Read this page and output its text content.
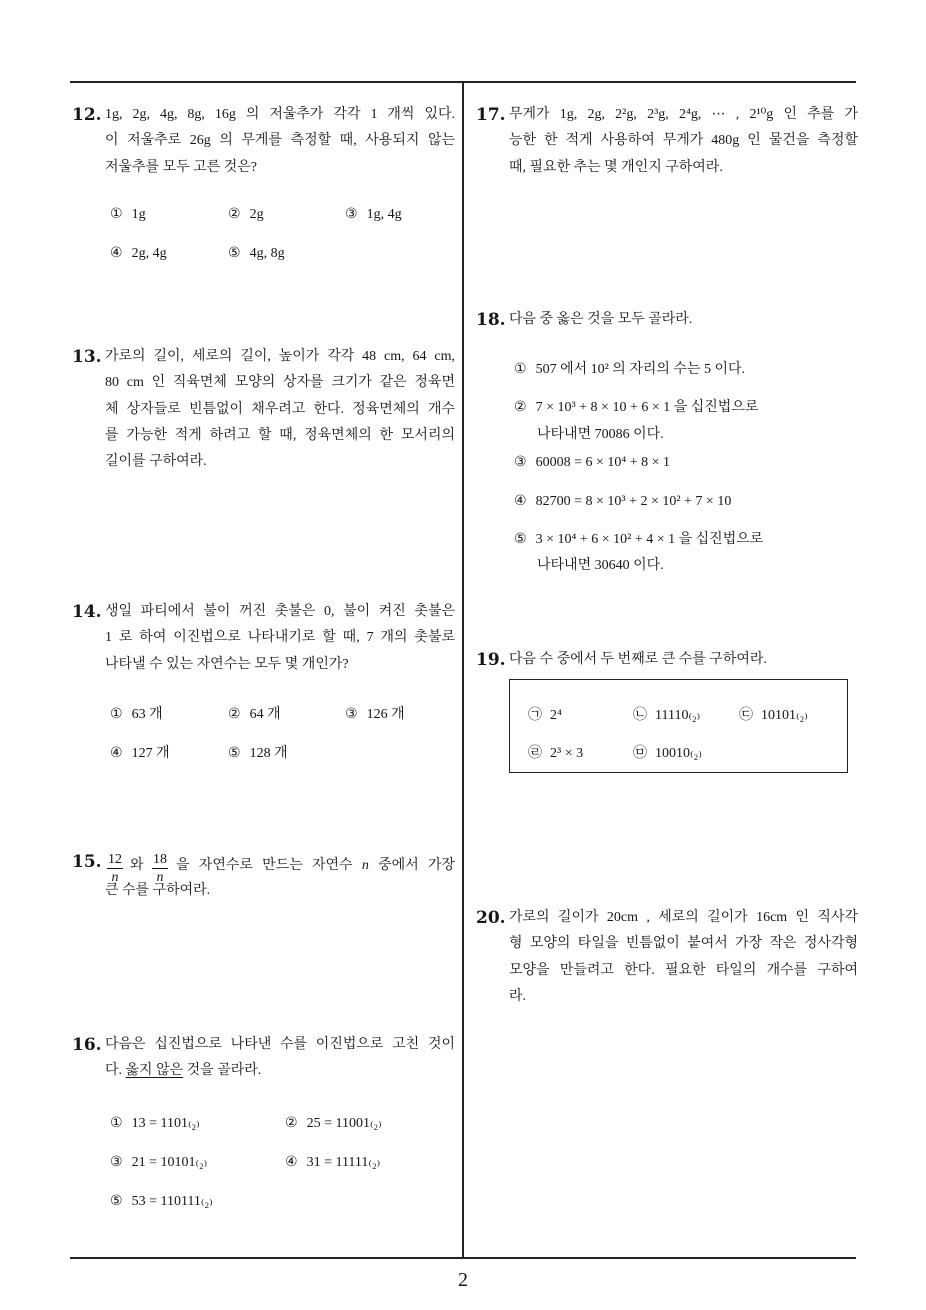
12. 1g, 2g, 4g, 8g, 16g 의 저울추가 각각 1 개씩 있다.
이 저울추로 26g 의 무게를 측정할 때, 사용되지 않는
저울추를 모두 고른 것은?
① 1g	② 2g	③ 1g, 4g
④ 2g, 4g	⑤ 4g, 8g
13. 가로의 길이, 세로의 길이, 높이가 각각 48 cm, 64 cm,
80 cm 인 직육면체 모양의 상자를 크기가 같은 정육면
체 상자들로 빈틈없이 채우려고 한다. 정육면체의 개수
를 가능한 적게 하려고 할 때, 정육면체의 한 모서리의
길이를 구하여라.
14. 생일 파티에서 불이 꺼진 촛불은 0, 불이 켜진 촛불은
1 로 하여 이진법으로 나타내기로 할 때, 7 개의 촛불로
나타낼 수 있는 자연수는 모두 몇 개인가?
① 63 개	② 64 개	③ 126 개
④ 127 개	⑤ 128 개
15. $\frac{12}{n}$ 와 $\frac{18}{n}$ 을 자연수로 만드는 자연수 n 중에서 가장
큰 수를 구하여라.
16. 다음은 십진법으로 나타낸 수를 이진법으로 고친 것이
다. 옳지 않은 것을 골라라.
① 13 = 1101₍₂₎	② 25 = 11001₍₂₎
③ 21 = 10101₍₂₎	④ 31 = 11111₍₂₎
⑤ 53 = 110111₍₂₎
17. 무게가 1g, 2g, 2²g, 2³g, 2⁴g, ⋯ , 2¹⁰g 인 추를 가
능한 한 적게 사용하여 무게가 480g 인 물건을 측정할
때, 필요한 추는 몇 개인지 구하여라.
18. 다음 중 옳은 것을 모두 골라라.
① 507 에서 10² 의 자리의 수는 5 이다.
② 7 × 10³ + 8 × 10 + 6 × 1 을 십진법으로
나타내면 70086 이다.
③ 60008 = 6 × 10⁴ + 8 × 1
④ 82700 = 8 × 10³ + 2 × 10² + 7 × 10
⑤ 3 × 10⁴ + 6 × 10² + 4 × 1 을 십진법으로
나타내면 30640 이다.
19. 다음 수 중에서 두 번째로 큰 수를 구하여라.
㉠ 2⁴	㉡ 11110₍₂₎	㉢ 10101₍₂₎
㉣ 2³ × 3	㉤ 10010₍₂₎
20. 가로의 길이가 20cm , 세로의 길이가 16cm 인 직사각
형 모양의 타일을 빈틈없이 붙여서 가장 작은 정사각형
모양을 만들려고 한다. 필요한 타일의 개수를 구하여
라.
2
